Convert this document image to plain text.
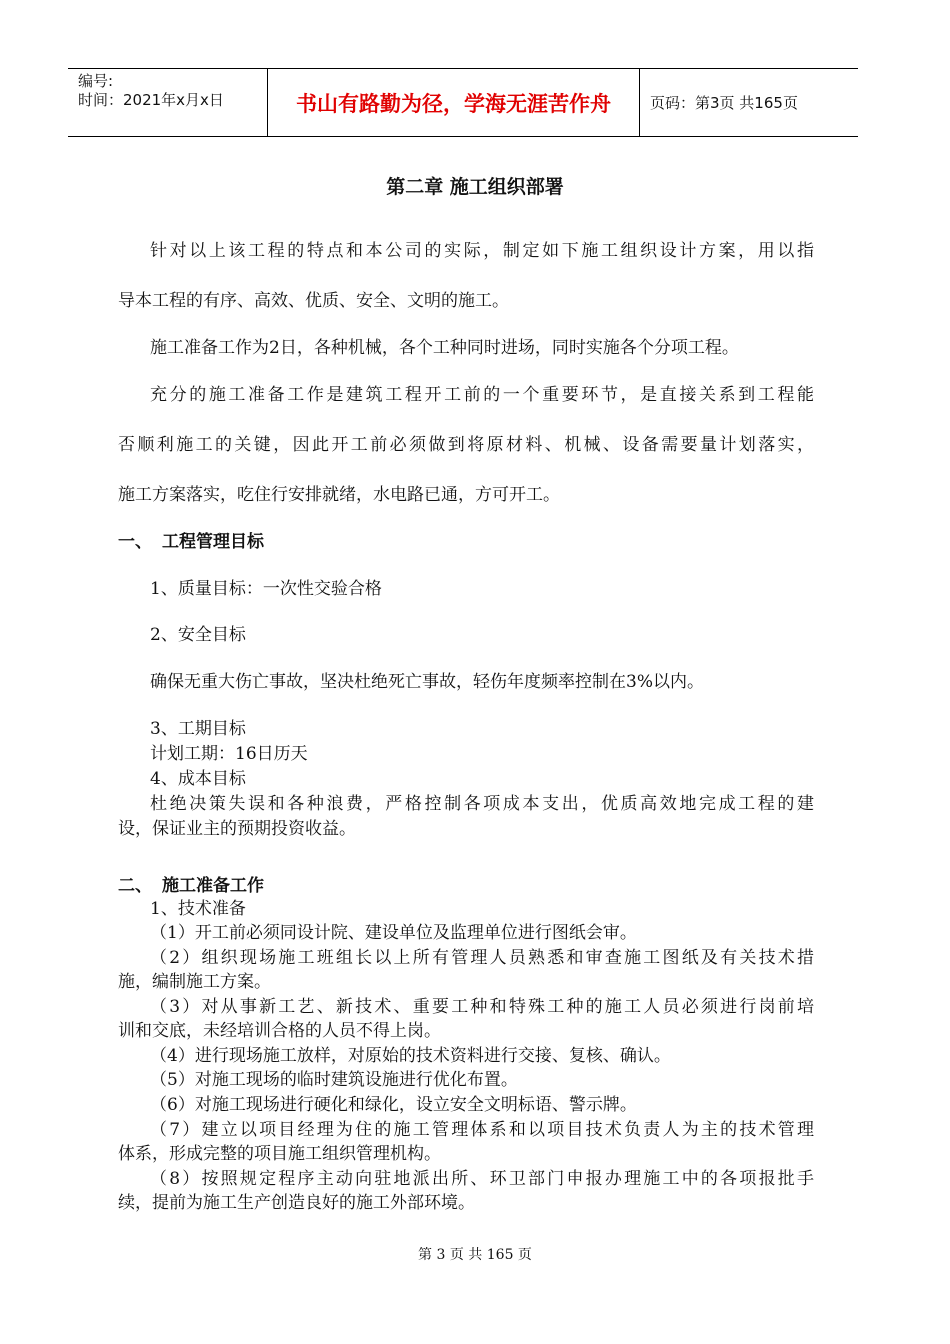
编号:
时间：2021年x月x日	书山有路勤为径，学海无涯苦作舟	页码：第3页 共165页
第二章 施工组织部署
针对以上该工程的特点和本公司的实际，制定如下施工组织设计方案，用以指
导本工程的有序、高效、优质、安全、文明的施工。
施工准备工作为2日，各种机械，各个工种同时进场，同时实施各个分项工程。
充分的施工准备工作是建筑工程开工前的一个重要环节，是直接关系到工程能
否顺利施工的关键，因此开工前必须做到将原材料、机械、设备需要量计划落实，
施工方案落实，吃住行安排就绪，水电路已通，方可开工。
一、 工程管理目标
1、质量目标：一次性交验合格
2、安全目标
确保无重大伤亡事故，坚决杜绝死亡事故，轻伤年度频率控制在3%以内。
3、工期目标
计划工期：16日历天
4、成本目标
杜绝决策失误和各种浪费，严格控制各项成本支出，优质高效地完成工程的建
设，保证业主的预期投资收益。
二、 施工准备工作
1、技术准备
（1）开工前必须同设计院、建设单位及监理单位进行图纸会审。
（2）组织现场施工班组长以上所有管理人员熟悉和审查施工图纸及有关技术措
施，编制施工方案。
（3）对从事新工艺、新技术、重要工种和特殊工种的施工人员必须进行岗前培
训和交底，未经培训合格的人员不得上岗。
（4）进行现场施工放样，对原始的技术资料进行交接、复核、确认。
（5）对施工现场的临时建筑设施进行优化布置。
（6）对施工现场进行硬化和绿化，设立安全文明标语、警示牌。
（7）建立以项目经理为住的施工管理体系和以项目技术负责人为主的技术管理
体系，形成完整的项目施工组织管理机构。
（8）按照规定程序主动向驻地派出所、环卫部门申报办理施工中的各项报批手
续，提前为施工生产创造良好的施工外部环境。
第 3 页 共 165 页
